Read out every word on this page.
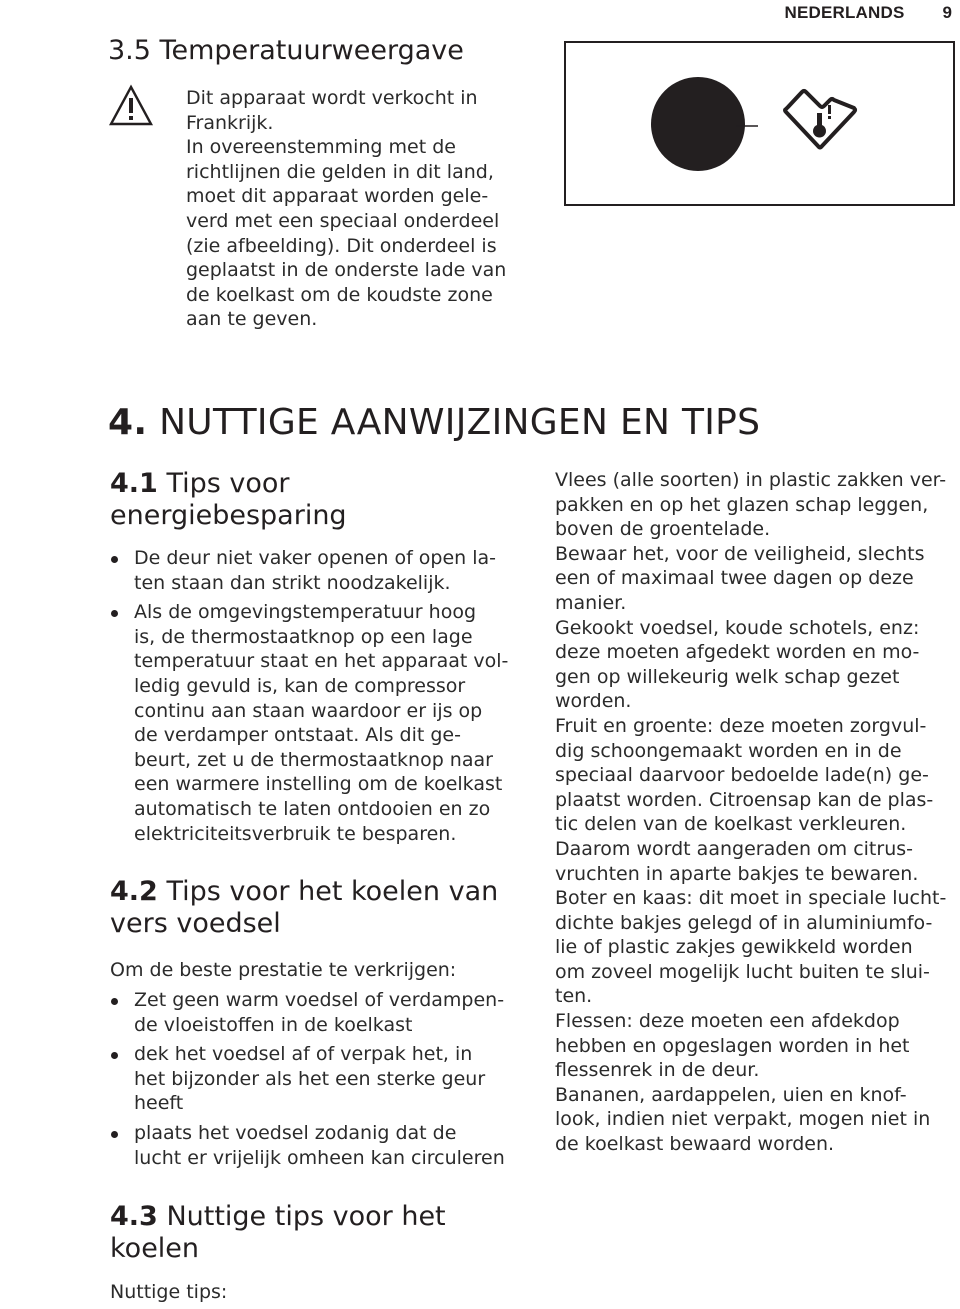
NEDERLANDS 9
3.5 Temperatuurweergave

Dit apparaat wordt verkocht in

Frankrijk.

In overeenstemming met de

richtlijnen die gelden in dit land,

moet dit apparaat worden gele-

verd met een speciaal onderdeel

(zie afbeelding). Dit onderdeel is

geplaatst in de onderste lade van

de koelkast om de koudste zone

aan te geven.

4. NUTTIGE AANWIJZINGEN EN TIPS
4.1 Tips voor
energiebesparing

De deur niet vaker openen of open la-

ten staan dan strikt noodzakelijk.

Als de omgevingstemperatuur hoog

is, de thermostaatknop op een lage

temperatuur staat en het apparaat vol-

ledig gevuld is, kan de compressor

continu aan staan waardoor er ijs op

de verdamper ontstaat. Als dit ge-

beurt, zet u de thermostaatknop naar

een warmere instelling om de koelkast

automatisch te laten ontdooien en zo

elektriciteitsverbruik te besparen.

4.2 Tips voor het koelen van
vers voedsel

Om de beste prestatie te verkrijgen:

Zet geen warm voedsel of verdampen-

de vloeistoffen in de koelkast

dek het voedsel af of verpak het, in

het bijzonder als het een sterke geur

heeft

plaats het voedsel zodanig dat de

lucht er vrijelijk omheen kan circuleren

4.3 Nuttige tips voor het
koelen

Nuttige tips:

Vlees (alle soorten) in plastic zakken ver-

pakken en op het glazen schap leggen,

boven de groentelade.

Bewaar het, voor de veiligheid, slechts

een of maximaal twee dagen op deze

manier.

Gekookt voedsel, koude schotels, enz:

deze moeten afgedekt worden en mo-

gen op willekeurig welk schap gezet

worden.

Fruit en groente: deze moeten zorgvul-

dig schoongemaakt worden en in de

speciaal daarvoor bedoelde lade(n) ge-

plaatst worden. Citroensap kan de plas-

tic delen van de koelkast verkleuren.

Daarom wordt aangeraden om citrus-

vruchten in aparte bakjes te bewaren.

Boter en kaas: dit moet in speciale lucht-

dichte bakjes gelegd of in aluminiumfo-

lie of plastic zakjes gewikkeld worden

om zoveel mogelijk lucht buiten te slui-

ten.

Flessen: deze moeten een afdekdop

hebben en opgeslagen worden in het

flessenrek in de deur.

Bananen, aardappelen, uien en knof-

look, indien niet verpakt, mogen niet in

de koelkast bewaard worden.
